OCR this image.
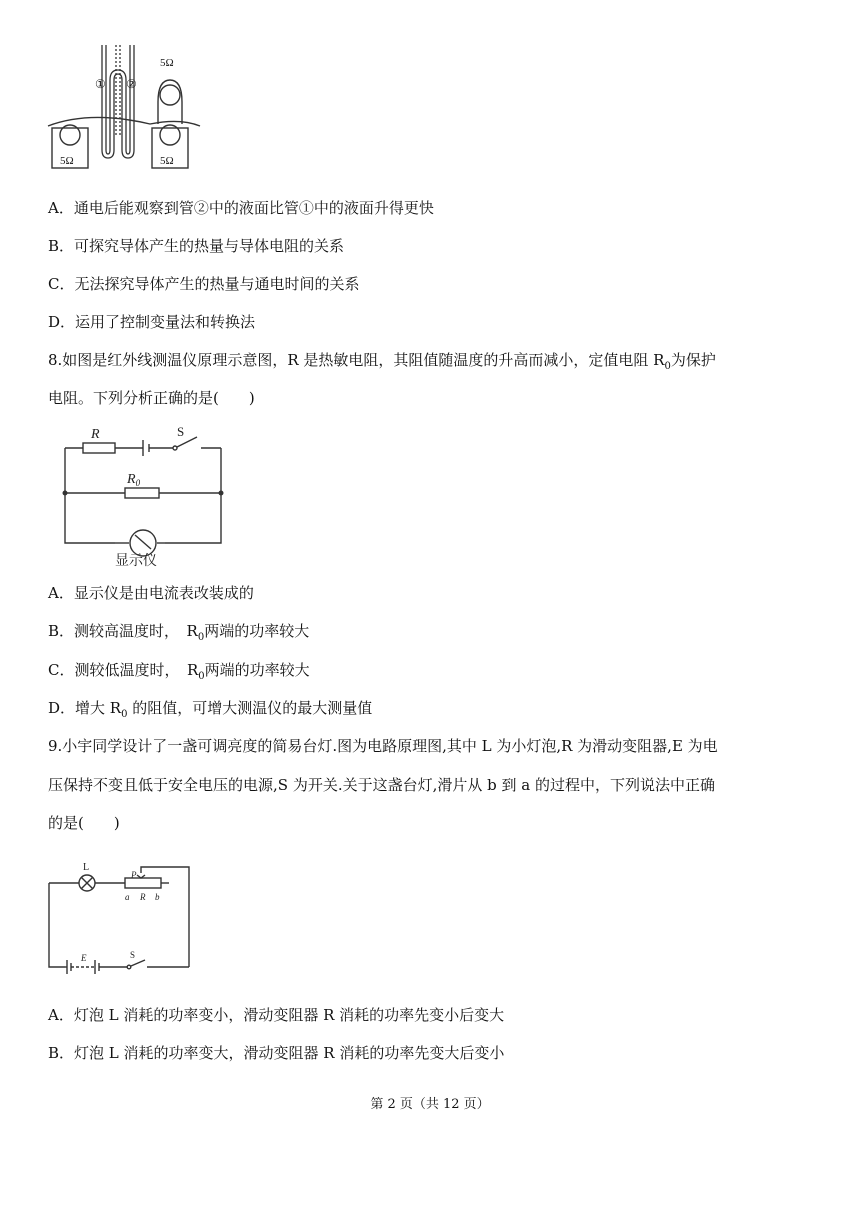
5Ω	5Ω
5Ω
① ②
A．通电后能观察到管②中的液面比管①中的液面升得更快
B．可探究导体产生的热量与导体电阻的关系
C．无法探究导体产生的热量与通电时间的关系
D．运用了控制变量法和转换法
8.如图是红外线测温仪原理示意图，R 是热敏电阻，其阻值随温度的升高而减小，定值电阻 $R_0$为保护
电阻。下列分析正确的是(　　)
R	S
$R_0$
显示仪
A．显示仪是由电流表改装成的
B．测较高温度时，　$R_0$两端的功率较大
C．测较低温度时，　$R_0$两端的功率较大
D．增大 $R_0$ 的阻值，可增大测温仪的最大测量值
9.小宇同学设计了一盏可调亮度的简易台灯.图为电路原理图,其中 L 为小灯泡,R 为滑动变阻器,E 为电
压保持不变且低于安全电压的电源,S 为开关.关于这盏台灯,滑片从 b 到 a 的过程中，下列说法中正确
的是(　　)
L
P
a R b
E	S
A．灯泡 L 消耗的功率变小，滑动变阻器 R 消耗的功率先变小后变大
B．灯泡 L 消耗的功率变大，滑动变阻器 R 消耗的功率先变大后变小
第 2 页（共 12 页）
